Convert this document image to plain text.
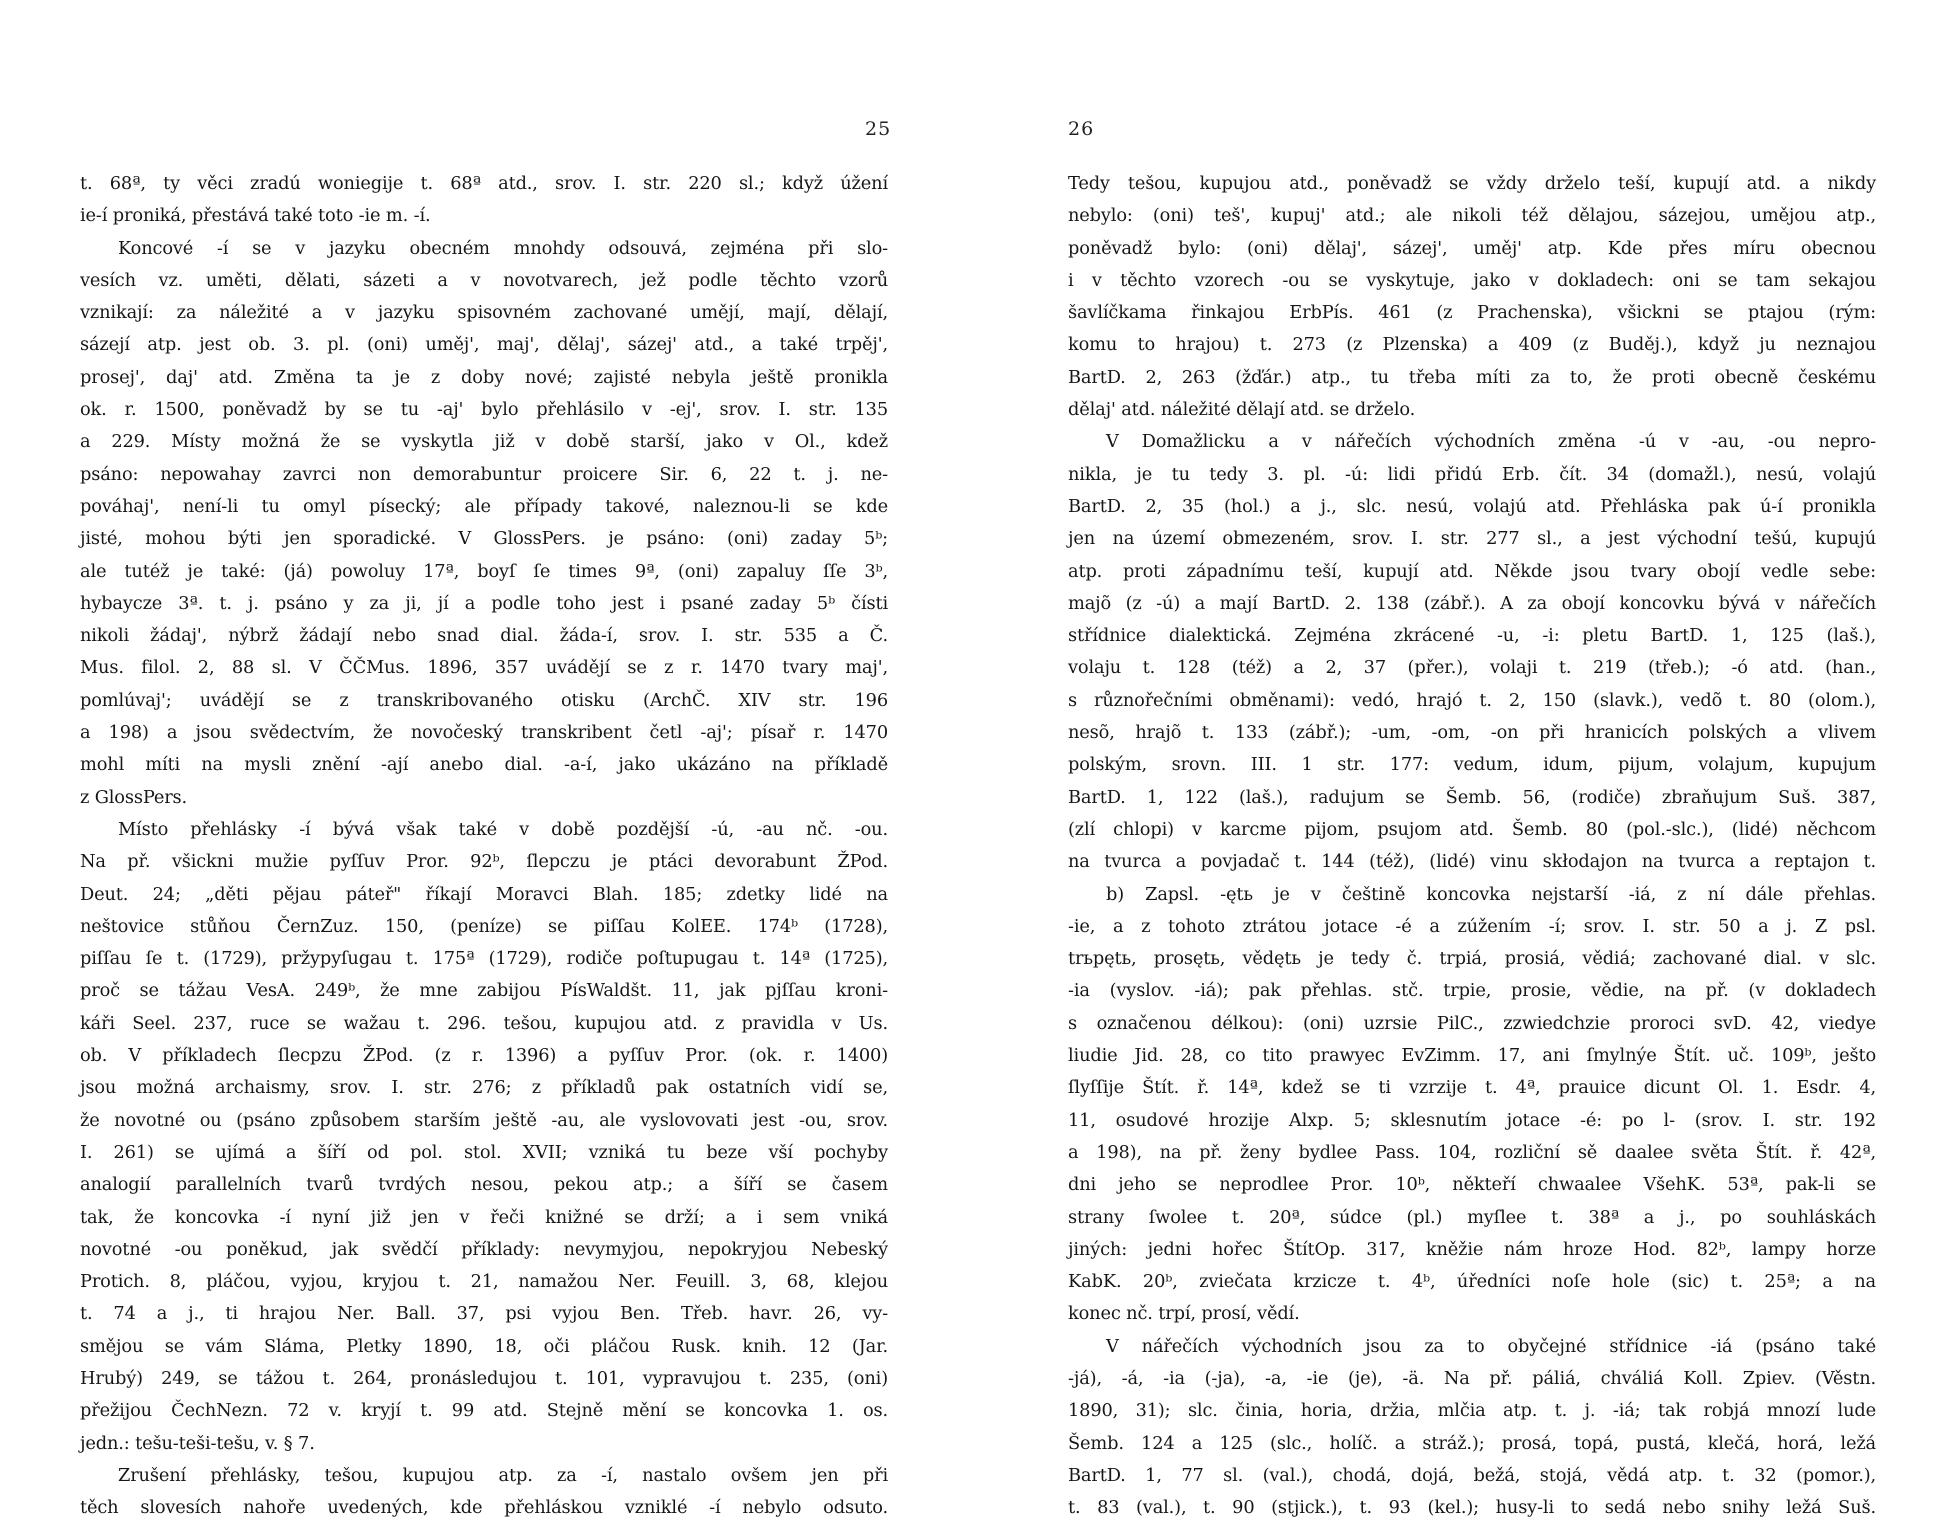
25
t. 68ª, ty věci zradú woniegije t. 68ª atd., srov. I. str. 220 sl.; když úžení
ie-í proniká, přestává také toto -ie m. -í.
Koncové -í se v jazyku obecném mnohdy odsouvá, zejména při slo-
vesích vz. uměti, dělati, sázeti a v novotvarech, jež podle těchto vzorů
vznikají: za náležité a v jazyku spisovném zachované umějí, mají, dělají,
sázejí atp. jest ob. 3. pl. (oni) uměj', maj', dělaj', sázej' atd., a také trpěj',
prosej', daj' atd. Změna ta je z doby nové; zajisté nebyla ještě pronikla
ok. r. 1500, poněvadž by se tu -aj' bylo přehlásilo v -ej', srov. I. str. 135
a 229. Místy možná že se vyskytla již v době starší, jako v Ol., kdež
psáno: nepowahay zavrci non demorabuntur proicere Sir. 6, 22 t. j. ne-
pováhaj', není-li tu omyl písecký; ale případy takové, naleznou-li se kde
jisté, mohou býti jen sporadické. V GlossPers. je psáno: (oni) zaday 5ᵇ;
ale tutéž je také: (já) powoluy 17ª, boyſ ſe times 9ª, (oni) zapaluy ſſe 3ᵇ,
hybaycze 3ª. t. j. psáno y za ji, jí a podle toho jest i psané zaday 5ᵇ čísti
nikoli žádaj', nýbrž žádají nebo snad dial. žáda-í, srov. I. str. 535 a Č.
Mus. filol. 2, 88 sl. V ČČMus. 1896, 357 uvádějí se z r. 1470 tvary maj',
pomlúvaj'; uvádějí se z transkribovaného otisku (ArchČ. XIV str. 196
a 198) a jsou svědectvím, že novočeský transkribent četl -aj'; písař r. 1470
mohl míti na mysli znění -ají anebo dial. -a-í, jako ukázáno na příkladě
z GlossPers.
Místo přehlásky -í bývá však také v době pozdější -ú, -au nč. -ou.
Na př. všickni mužie pyſſuv Pror. 92ᵇ, ſlepczu je ptáci devorabunt ŽPod.
Deut. 24; „děti pějau páteř" říkají Moravci Blah. 185; zdetky lidé na
neštovice stůňou ČernZuz. 150, (peníze) se piſſau KolEE. 174ᵇ (1728),
piſſau ſe t. (1729), pržypyſugau t. 175ª (1729), rodiče poſtupugau t. 14ª (1725),
proč se tážau VesA. 249ᵇ, že mne zabijou PísWaldšt. 11, jak pjſſau kroni-
káři Seel. 237, ruce se wažau t. 296. tešou, kupujou atd. z pravidla v Us.
ob. V příkladech ſlecpzu ŽPod. (z r. 1396) a pyſſuv Pror. (ok. r. 1400)
jsou možná archaismy, srov. I. str. 276; z příkladů pak ostatních vidí se,
že novotné ou (psáno způsobem starším ještě -au, ale vyslovovati jest -ou, srov.
I. 261) se ujímá a šíří od pol. stol. XVII; vzniká tu beze vší pochyby
analogií parallelních tvarů tvrdých nesou, pekou atp.; a šíří se časem
tak, že koncovka -í nyní již jen v řeči knižné se drží; a i sem vniká
novotné -ou poněkud, jak svědčí příklady: nevymyjou, nepokryjou Nebeský
Protich. 8, pláčou, vyjou, kryjou t. 21, namažou Ner. Feuill. 3, 68, klejou
t. 74 a j., ti hrajou Ner. Ball. 37, psi vyjou Ben. Třeb. havr. 26, vy-
smějou se vám Sláma, Pletky 1890, 18, oči pláčou Rusk. knih. 12 (Jar.
Hrubý) 249, se tážou t. 264, pronásledujou t. 101, vypravujou t. 235, (oni)
přežijou ČechNezn. 72 v. kryjí t. 99 atd. Stejně mění se koncovka 1. os.
jedn.: tešu-teši-tešu, v. § 7.
Zrušení přehlásky, tešou, kupujou atp. za -í, nastalo ovšem jen při
těch slovesích nahoře uvedených, kde přehláskou vzniklé -í nebylo odsuto.
26
Tedy tešou, kupujou atd., poněvadž se vždy drželo teší, kupují atd. a nikdy
nebylo: (oni) teš', kupuj' atd.; ale nikoli též dělajou, sázejou, umějou atp.,
poněvadž bylo: (oni) dělaj', sázej', uměj' atp. Kde přes míru obecnou
i v těchto vzorech -ou se vyskytuje, jako v dokladech: oni se tam sekajou
šavlíčkama řinkajou ErbPís. 461 (z Prachenska), všickni se ptajou (rým:
komu to hrajou) t. 273 (z Plzenska) a 409 (z Buděj.), když ju neznajou
BartD. 2, 263 (žďár.) atp., tu třeba míti za to, že proti obecně českému
dělaj' atd. náležité dělají atd. se drželo.
V Domažlicku a v nářečích východních změna -ú v -au, -ou nepro-
nikla, je tu tedy 3. pl. -ú: lidi přidú Erb. čít. 34 (domažl.), nesú, volajú
BartD. 2, 35 (hol.) a j., slc. nesú, volajú atd. Přehláska pak ú-í pronikla
jen na území obmezeném, srov. I. str. 277 sl., a jest východní tešú, kupujú
atp. proti západnímu teší, kupují atd. Někde jsou tvary obojí vedle sebe:
majõ (z -ú) a mají BartD. 2. 138 (zábř.). A za obojí koncovku bývá v nářečích
střídnice dialektická. Zejména zkrácené -u, -i: pletu BartD. 1, 125 (laš.),
volaju t. 128 (též) a 2, 37 (přer.), volaji t. 219 (třeb.); -ó atd. (han.,
s různořečními obměnami): vedó, hrajó t. 2, 150 (slavk.), vedõ t. 80 (olom.),
nesõ, hrajõ t. 133 (zábř.); -um, -om, -on při hranicích polských a vlivem
polským, srovn. III. 1 str. 177: vedum, idum, pijum, volajum, kupujum
BartD. 1, 122 (laš.), radujum se Šemb. 56, (rodiče) zbraňujum Suš. 387,
(zlí chlopi) v karcme pijom, psujom atd. Šemb. 80 (pol.-slc.), (lidé) něchcom
na tvurca a povjadač t. 144 (též), (lidé) vinu skłodajon na tvurca a reptajon t.
b) Zapsl. -ętь je v češtině koncovka nejstarší -iá, z ní dále přehlas.
-ie, a z tohoto ztrátou jotace -é a zúžením -í; srov. I. str. 50 a j. Z psl.
trьpętь, prosętь, vědętь je tedy č. trpiá, prosiá, vědiá; zachované dial. v slc.
-ia (vyslov. -iá); pak přehlas. stč. trpie, prosie, vědie, na př. (v dokladech
s označenou délkou): (oni) uzrsie PilC., zzwiedchzie proroci svD. 42, viedye
liudie Jid. 28, co tito prawyec EvZimm. 17, ani ſmylnýe Štít. uč. 109ᵇ, ješto
ſlyſſije Štít. ř. 14ª, kdež se ti vzrzije t. 4ª, prauice dicunt Ol. 1. Esdr. 4,
11, osudové hrozije Alxp. 5; sklesnutím jotace -é: po l- (srov. I. str. 192
a 198), na př. ženy bydlee Pass. 104, rozliční sě daalee světa Štít. ř. 42ª,
dni jeho se neprodlee Pror. 10ᵇ, někteří chwaalee VšehK. 53ª, pak-li se
strany ſwolee t. 20ª, súdce (pl.) myſlee t. 38ª a j., po souhláskách
jiných: jedni hořec ŠtítOp. 317, kněžie nám hroze Hod. 82ᵇ, lampy horze
KabK. 20ᵇ, zviečata krzicze t. 4ᵇ, úředníci noſe hole (sic) t. 25ª; a na
konec nč. trpí, prosí, vědí.
V nářečích východních jsou za to obyčejné střídnice -iá (psáno také
-já), -á, -ia (-ja), -a, -ie (je), -ä. Na př. páliá, chváliá Koll. Zpiev. (Věstn.
1890, 31); slc. činia, horia, držia, mlčia atp. t. j. -iá; tak robjá mnozí lude
Šemb. 124 a 125 (slc., holíč. a stráž.); prosá, topá, pustá, klečá, horá, ležá
BartD. 1, 77 sl. (val.), chodá, dojá, bežá, stojá, vědá atp. t. 32 (pomor.),
t. 83 (val.), t. 90 (stjick.), t. 93 (kel.); husy-li to sedá nebo snihy ležá Suš.
